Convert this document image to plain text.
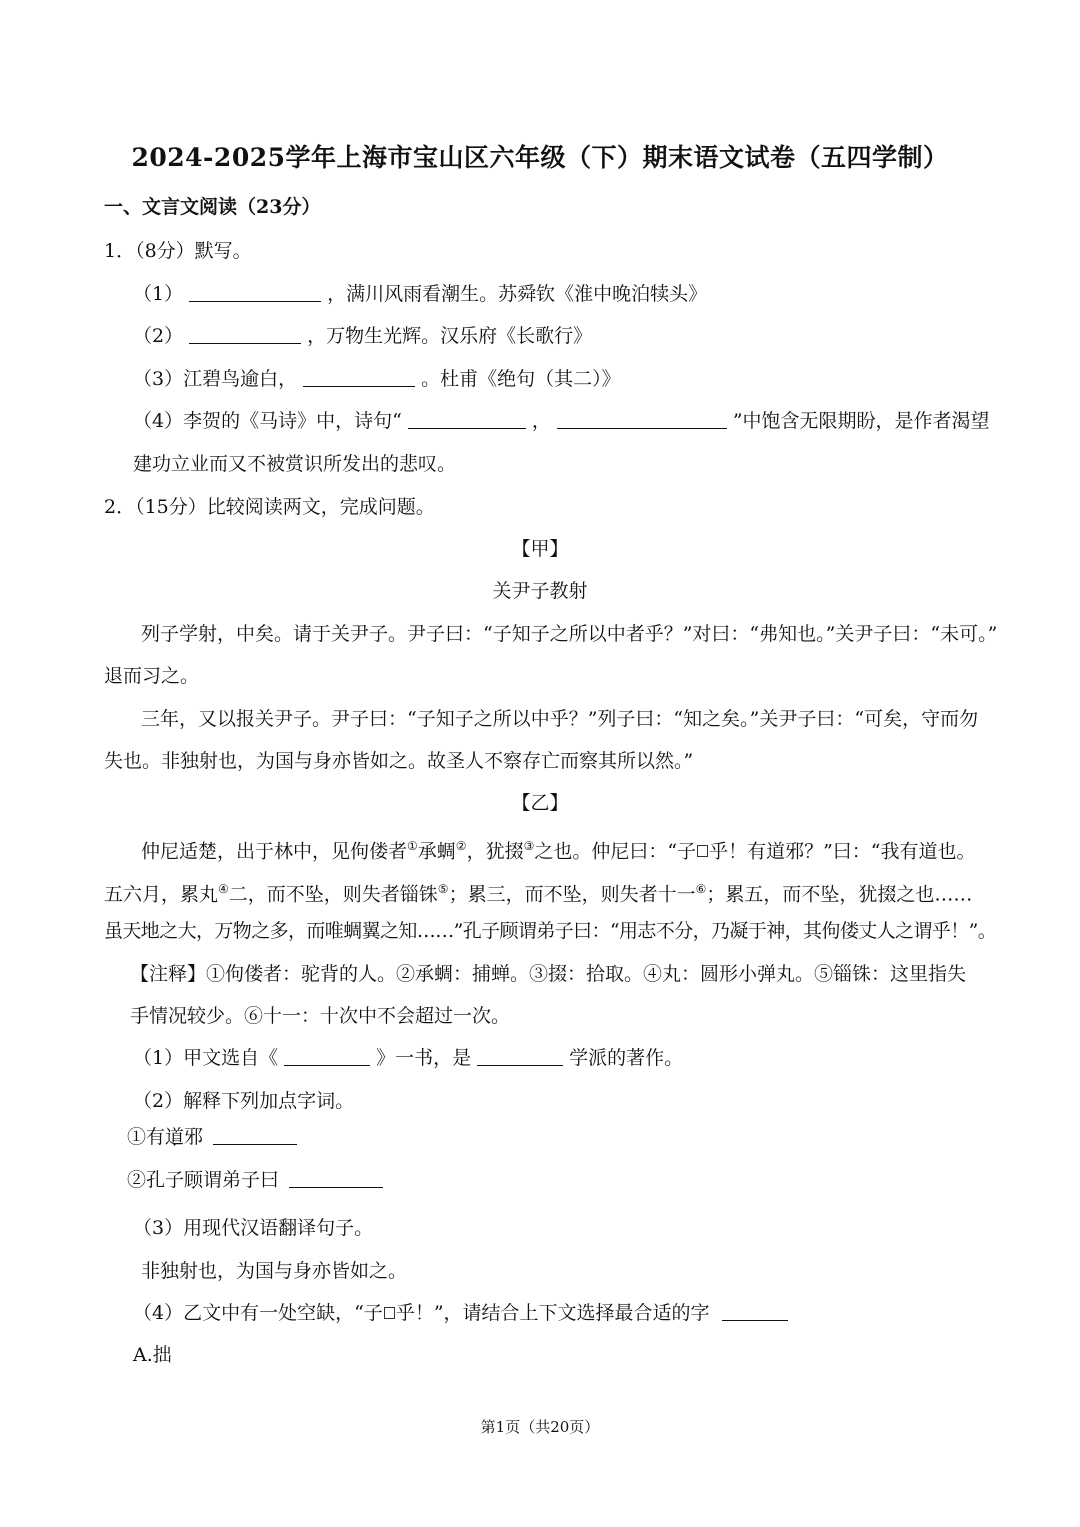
2024-2025学年上海市宝山区六年级（下）期末语文试卷（五四学制）
一、文言文阅读（23分）
1．（8分）默写。
（1）	，满川风雨看潮生。苏舜钦《淮中晚泊犊头》
（2）	，万物生光辉。汉乐府《长歌行》
（3）江碧鸟逾白，	。杜甫《绝句（其二）》
（4）李贺的《马诗》中，诗句“	，	”中饱含无限期盼，是作者渴望
建功立业而又不被赏识所发出的悲叹。
2．（15分）比较阅读两文，完成问题。
【甲】
关尹子教射
列子学射，中矣。请于关尹子。尹子曰：“子知子之所以中者乎？”对曰：“弗知也。”关尹子曰：“未可。”
退而习之。
三年，又以报关尹子。尹子曰：“子知子之所以中乎？”列子曰：“知之矣。”关尹子曰：“可矣，守而勿
失也。非独射也，为国与身亦皆如之。故圣人不察存亡而察其所以然。”
【乙】
仲尼适楚，出于林中，见佝偻者①承蜩②，犹掇③之也。仲尼曰：“子 乎！有道邪？”曰：“我有道也。
五六月，累丸④二，而不坠，则失者锱铢⑤；累三，而不坠，则失者十一⑥；累五，而不坠，犹掇之也……
虽天地之大，万物之多，而唯蜩翼之知……”孔子顾谓弟子曰：“用志不分，乃凝于神，其佝偻丈人之谓乎！”。
【注释】①佝偻者：驼背的人。②承蜩：捕蝉。③掇：拾取。④丸：圆形小弹丸。⑤锱铢：这里指失
手情况较少。⑥十一：十次中不会超过一次。
（1）甲文选自《	》一书，是	学派的著作。
（2）解释下列加点字词。
①有道邪
②孔子顾谓弟子曰
（3）用现代汉语翻译句子。
非独射也，为国与身亦皆如之。
（4）乙文中有一处空缺，“子 乎！”，请结合上下文选择最合适的字
A.拙
第1页（共20页）
